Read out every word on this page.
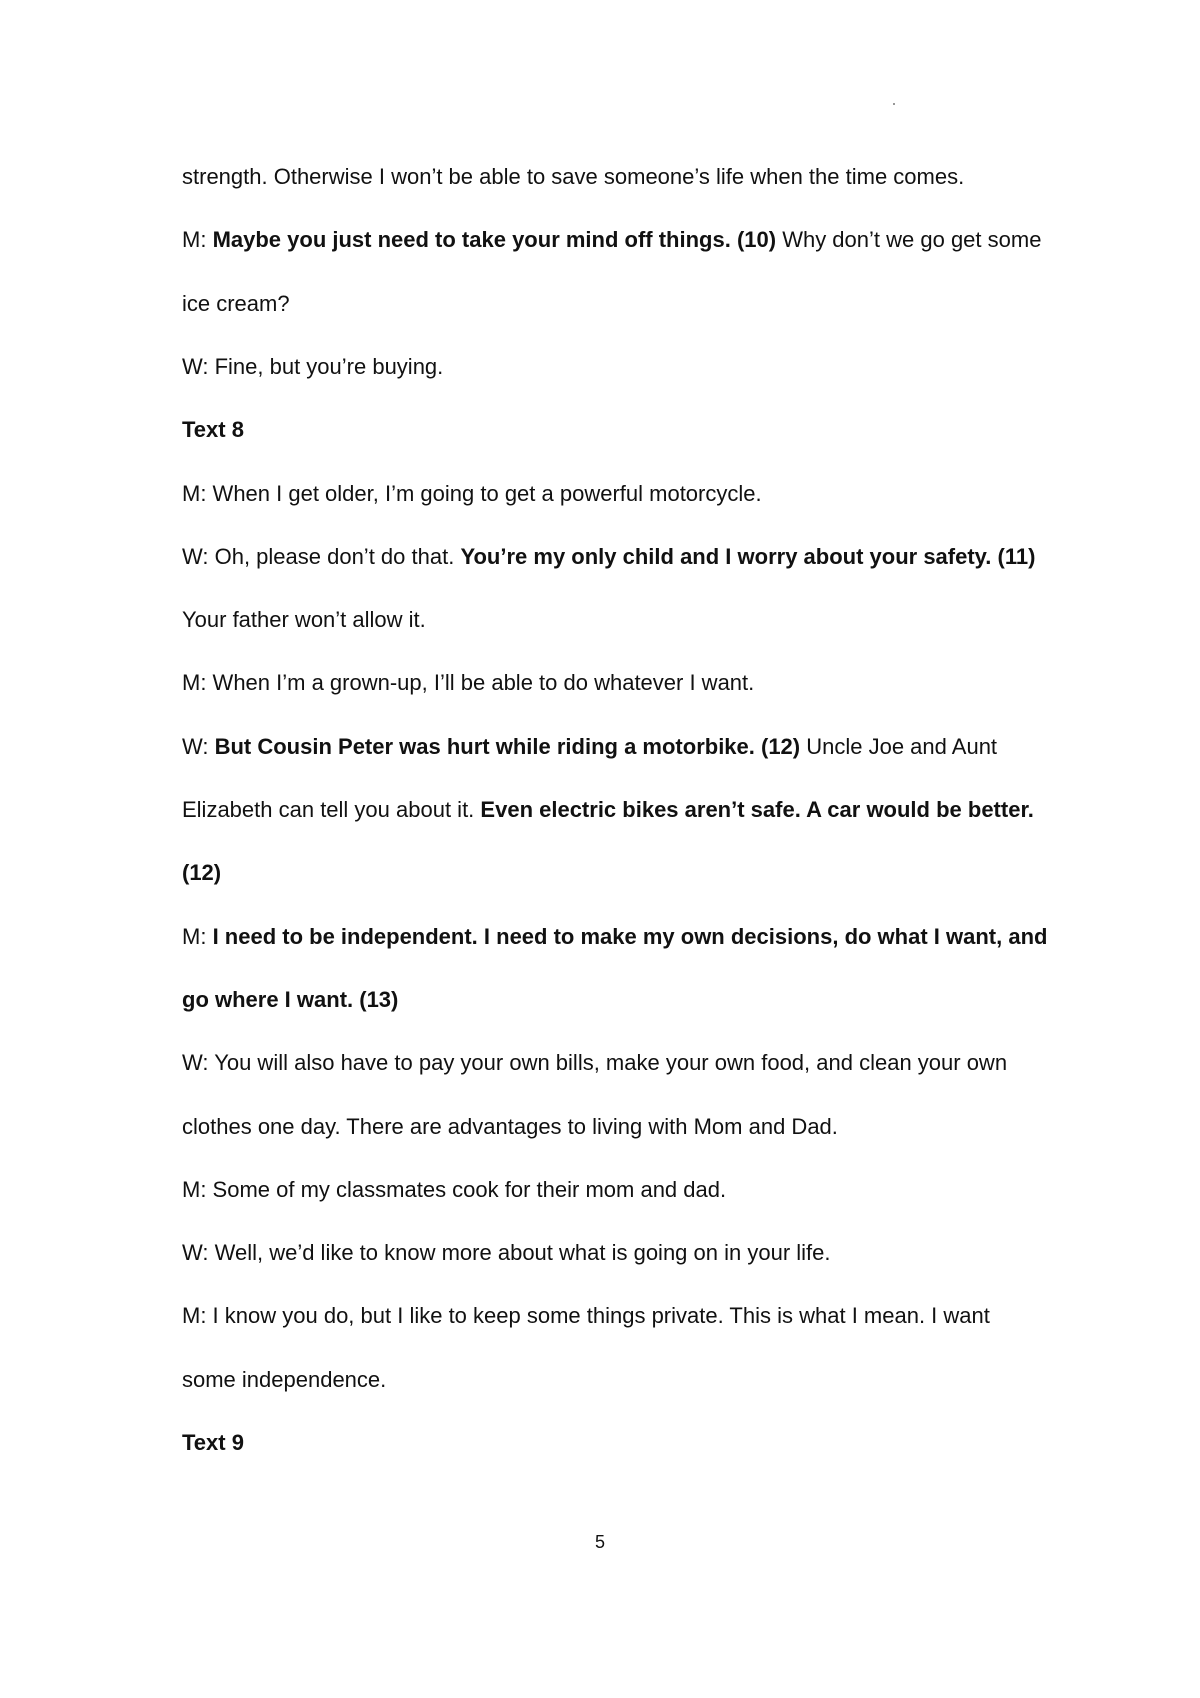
strength. Otherwise I won’t be able to save someone’s life when the time comes.
M: Maybe you just need to take your mind off things. (10) Why don’t we go get some
ice cream?
W: Fine, but you’re buying.
Text 8
M: When I get older, I’m going to get a powerful motorcycle.
W: Oh, please don’t do that. You’re my only child and I worry about your safety. (11)
Your father won’t allow it.
M: When I’m a grown-up, I’ll be able to do whatever I want.
W: But Cousin Peter was hurt while riding a motorbike. (12) Uncle Joe and Aunt
Elizabeth can tell you about it. Even electric bikes aren’t safe. A car would be better.
(12)
M: I need to be independent. I need to make my own decisions, do what I want, and
go where I want. (13)
W: You will also have to pay your own bills, make your own food, and clean your own
clothes one day. There are advantages to living with Mom and Dad.
M: Some of my classmates cook for their mom and dad.
W: Well, we’d like to know more about what is going on in your life.
M: I know you do, but I like to keep some things private. This is what I mean. I want
some independence.
Text 9
5
